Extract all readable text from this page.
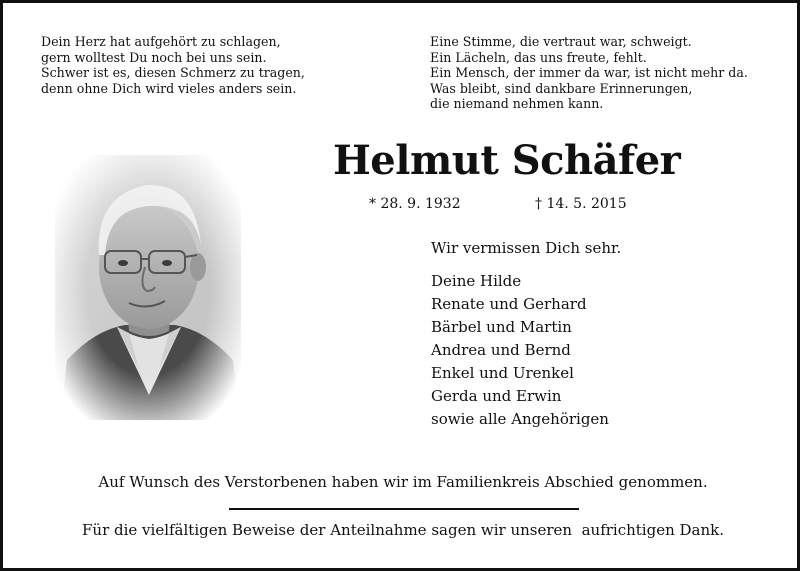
Dein Herz hat aufgehört zu schlagen,
gern wolltest Du noch bei uns sein.
Schwer ist es, diesen Schmerz zu tragen,
denn ohne Dich wird vieles anders sein.
Eine Stimme, die vertraut war, schweigt.
Ein Lächeln, das uns freute, fehlt.
Ein Mensch, der immer da war, ist nicht mehr da.
Was bleibt, sind dankbare Erinnerungen,
die niemand nehmen kann.
Helmut Schäfer
* 28. 9. 1932	† 14. 5. 2015
Wir vermissen Dich sehr.
Deine Hilde
Renate und Gerhard
Bärbel und Martin
Andrea und Bernd
Enkel und Urenkel
Gerda und Erwin
sowie alle Angehörigen
Auf Wunsch des Verstorbenen haben wir im Familienkreis Abschied genommen.
Für die vielfältigen Beweise der Anteilnahme sagen wir unseren  aufrichtigen Dank.
